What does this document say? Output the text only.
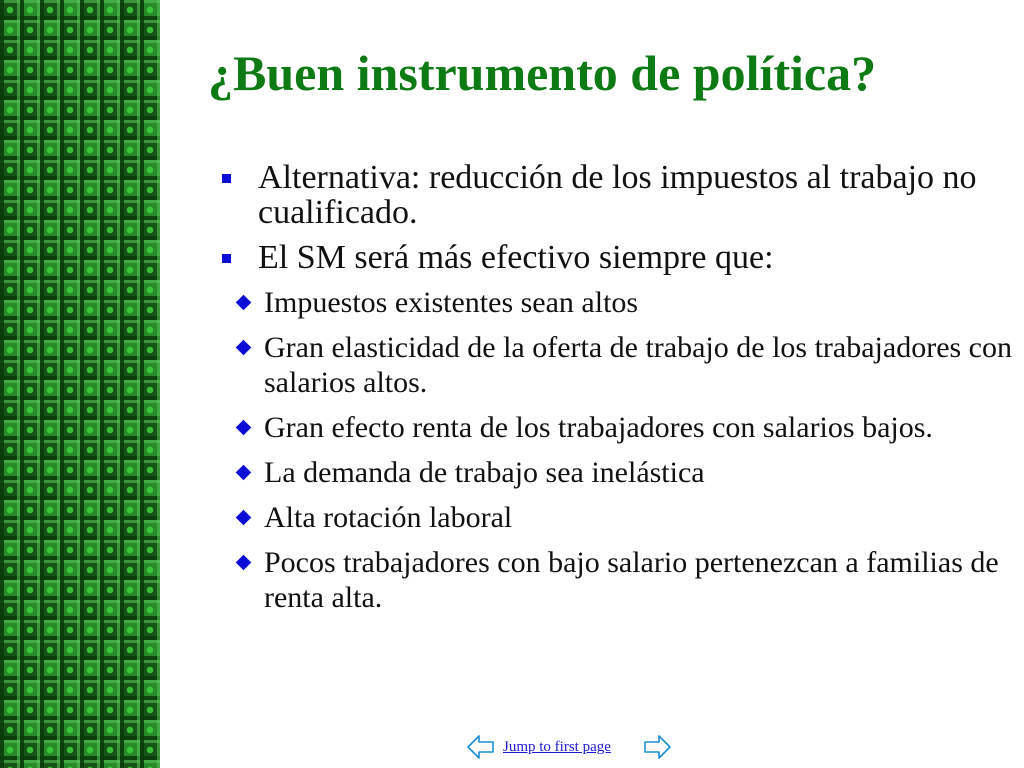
¿Buen instrumento de política?
Alternativa: reducción de los impuestos al trabajo no cualificado.
El SM será más efectivo siempre que:
Impuestos existentes sean altos
Gran elasticidad de la oferta de trabajo de los trabajadores con salarios altos.
Gran efecto renta de los trabajadores con salarios bajos.
La demanda de trabajo sea inelástica
Alta rotación laboral
Pocos trabajadores con bajo salario pertenezcan a familias de renta alta.
Jump to first page
